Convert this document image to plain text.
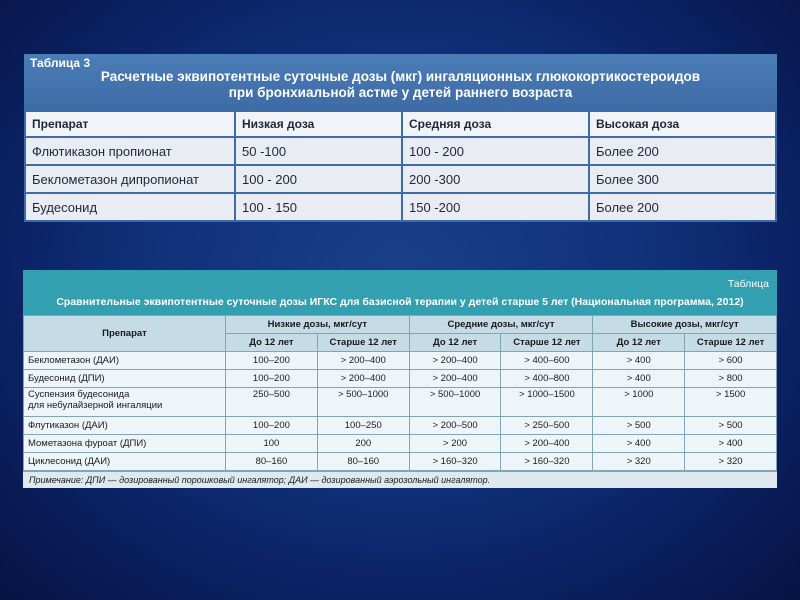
Таблица 3
Расчетные эквипотентные суточные дозы (мкг) ингаляционных глюкокортикостероидов
при бронхиальной астме у детей раннего возраста
Препарат	Низкая доза	Средняя доза	Высокая доза
Флютиказон пропионат	50 -100	100 - 200	Более 200
Беклометазон дипропионат	100 - 200	200 -300	Более 300
Будесонид	100 - 150	150 -200	Более 200
Таблица
Сравнительные эквипотентные суточные дозы ИГКС для базисной терапии у детей старше 5 лет (Национальная программа, 2012)
Препарат	Низкие дозы, мкг/сут		Средние дозы, мкг/сут		Высокие дозы, мкг/сут	
	До 12 лет	Старше 12 лет	До 12 лет	Старше 12 лет	До 12 лет	Старше 12 лет
Беклометазон (ДАИ)	100–200	> 200–400	> 200–400	> 400–600	> 400	> 600
Будесонид (ДПИ)	100–200	> 200–400	> 200–400	> 400–800	> 400	> 800

Суспензия будесонида
для небулайзерной ингаляции	250–500	> 500–1000	> 500–1000	> 1000–1500	> 1000	> 1500
Флутиказон (ДАИ)	100–200	100–250	> 200–500	> 250–500	> 500	> 500
Мометазона фуроат (ДПИ)	100	200	> 200	> 200–400	> 400	> 400
Циклесонид (ДАИ)	80–160	80–160	> 160–320	> 160–320	> 320	> 320
Примечание: ДПИ — дозированный порошковый ингалятор; ДАИ — дозированный аэрозольный ингалятор.
